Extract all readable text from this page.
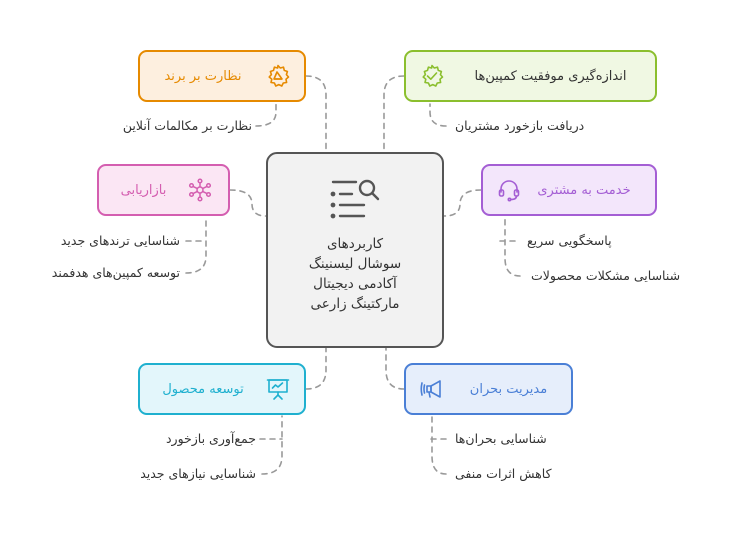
کاربردهای
سوشال لیسنینگ
آکادمی دیجیتال
مارکتینگ زارعی
نظارت بر برند
نظارت بر مکالمات آنلاین
اندازه‌گیری موفقیت کمپین‌ها
دریافت بازخورد مشتریان
بازاریابی
شناسایی ترندهای جدید
توسعه کمپین‌های هدفمند
خدمت به مشتری
پاسخگویی سریع
شناسایی مشکلات محصولات
توسعه محصول
جمع‌آوری بازخورد
شناسایی نیازهای جدید
مدیریت بحران
شناسایی بحران‌ها
کاهش اثرات منفی
